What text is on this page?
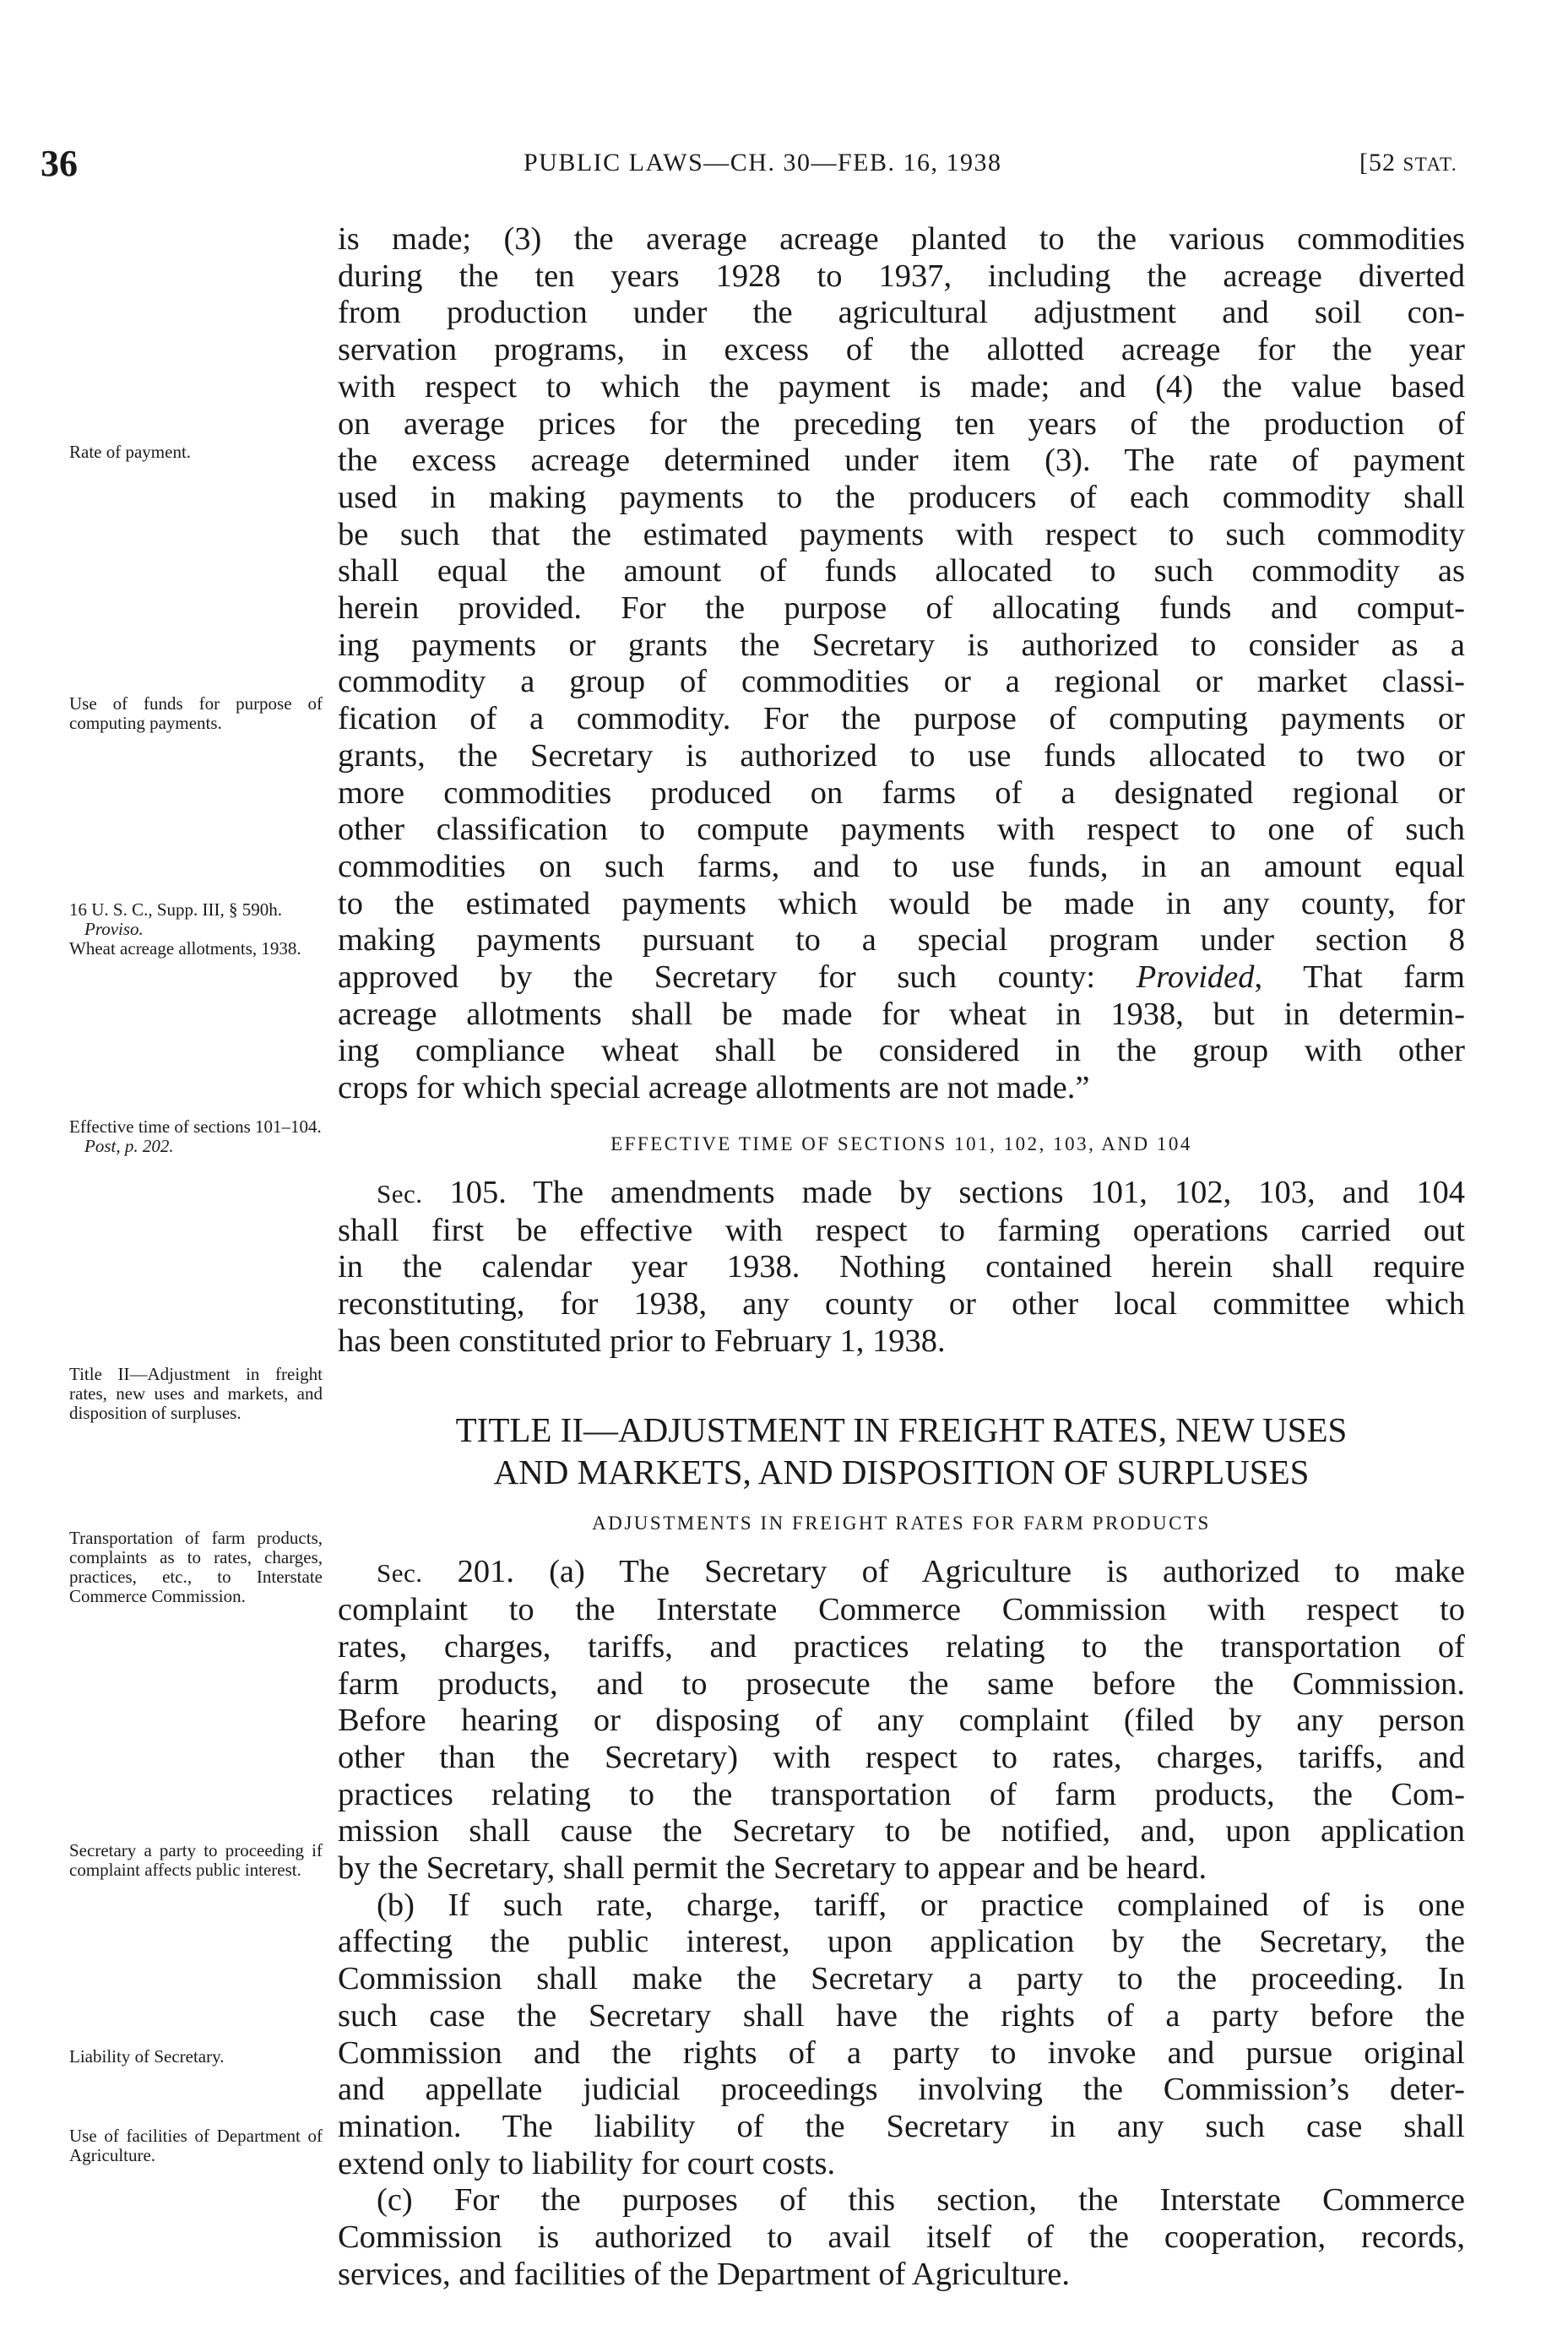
36	PUBLIC LAWS—CH. 30—FEB. 16, 1938	[52 STAT.
Rate of payment.
Use of funds for purpose of computing payments.
16 U. S. C., Supp. III, § 590h.
Proviso.
Wheat acreage allotments, 1938.
Effective time of sections 101–104.
Post, p. 202.
Title II—Adjustment in freight rates, new uses and markets, and disposition of surpluses.
Transportation of farm products, complaints as to rates, charges, practices, etc., to Interstate Commerce Commission.
Secretary a party to proceeding if complaint affects public interest.
Liability of Secretary.
Use of facilities of Department of Agriculture.

is made; (3) the average acreage planted to the various commodities
during the ten years 1928 to 1937, including the acreage diverted
from production under the agricultural adjustment and soil con-
servation programs, in excess of the allotted acreage for the year
with respect to which the payment is made; and (4) the value based
on average prices for the preceding ten years of the production of
the excess acreage determined under item (3). The rate of payment
used in making payments to the producers of each commodity shall
be such that the estimated payments with respect to such commodity
shall equal the amount of funds allocated to such commodity as
herein provided. For the purpose of allocating funds and comput-
ing payments or grants the Secretary is authorized to consider as a
commodity a group of commodities or a regional or market classi-
fication of a commodity. For the purpose of computing payments or
grants, the Secretary is authorized to use funds allocated to two or
more commodities produced on farms of a designated regional or
other classification to compute payments with respect to one of such
commodities on such farms, and to use funds, in an amount equal
to the estimated payments which would be made in any county, for
making payments pursuant to a special program under section 8
approved by the Secretary for such county: Provided, That farm
acreage allotments shall be made for wheat in 1938, but in determin-
ing compliance wheat shall be considered in the group with other
crops for which special acreage allotments are not made.”

EFFECTIVE TIME OF SECTIONS 101, 102, 103, AND 104

Sec. 105. The amendments made by sections 101, 102, 103, and 104
shall first be effective with respect to farming operations carried out
in the calendar year 1938. Nothing contained herein shall require
reconstituting, for 1938, any county or other local committee which
has been constituted prior to February 1, 1938.

TITLE II—ADJUSTMENT IN FREIGHT RATES, NEW USES
AND MARKETS, AND DISPOSITION OF SURPLUSES
ADJUSTMENTS IN FREIGHT RATES FOR FARM PRODUCTS

Sec. 201. (a) The Secretary of Agriculture is authorized to make
complaint to the Interstate Commerce Commission with respect to
rates, charges, tariffs, and practices relating to the transportation of
farm products, and to prosecute the same before the Commission.
Before hearing or disposing of any complaint (filed by any person
other than the Secretary) with respect to rates, charges, tariffs, and
practices relating to the transportation of farm products, the Com-
mission shall cause the Secretary to be notified, and, upon application
by the Secretary, shall permit the Secretary to appear and be heard.

(b) If such rate, charge, tariff, or practice complained of is one
affecting the public interest, upon application by the Secretary, the
Commission shall make the Secretary a party to the proceeding. In
such case the Secretary shall have the rights of a party before the
Commission and the rights of a party to invoke and pursue original
and appellate judicial proceedings involving the Commission’s deter-
mination. The liability of the Secretary in any such case shall
extend only to liability for court costs.

(c) For the purposes of this section, the Interstate Commerce
Commission is authorized to avail itself of the cooperation, records,
services, and facilities of the Department of Agriculture.
